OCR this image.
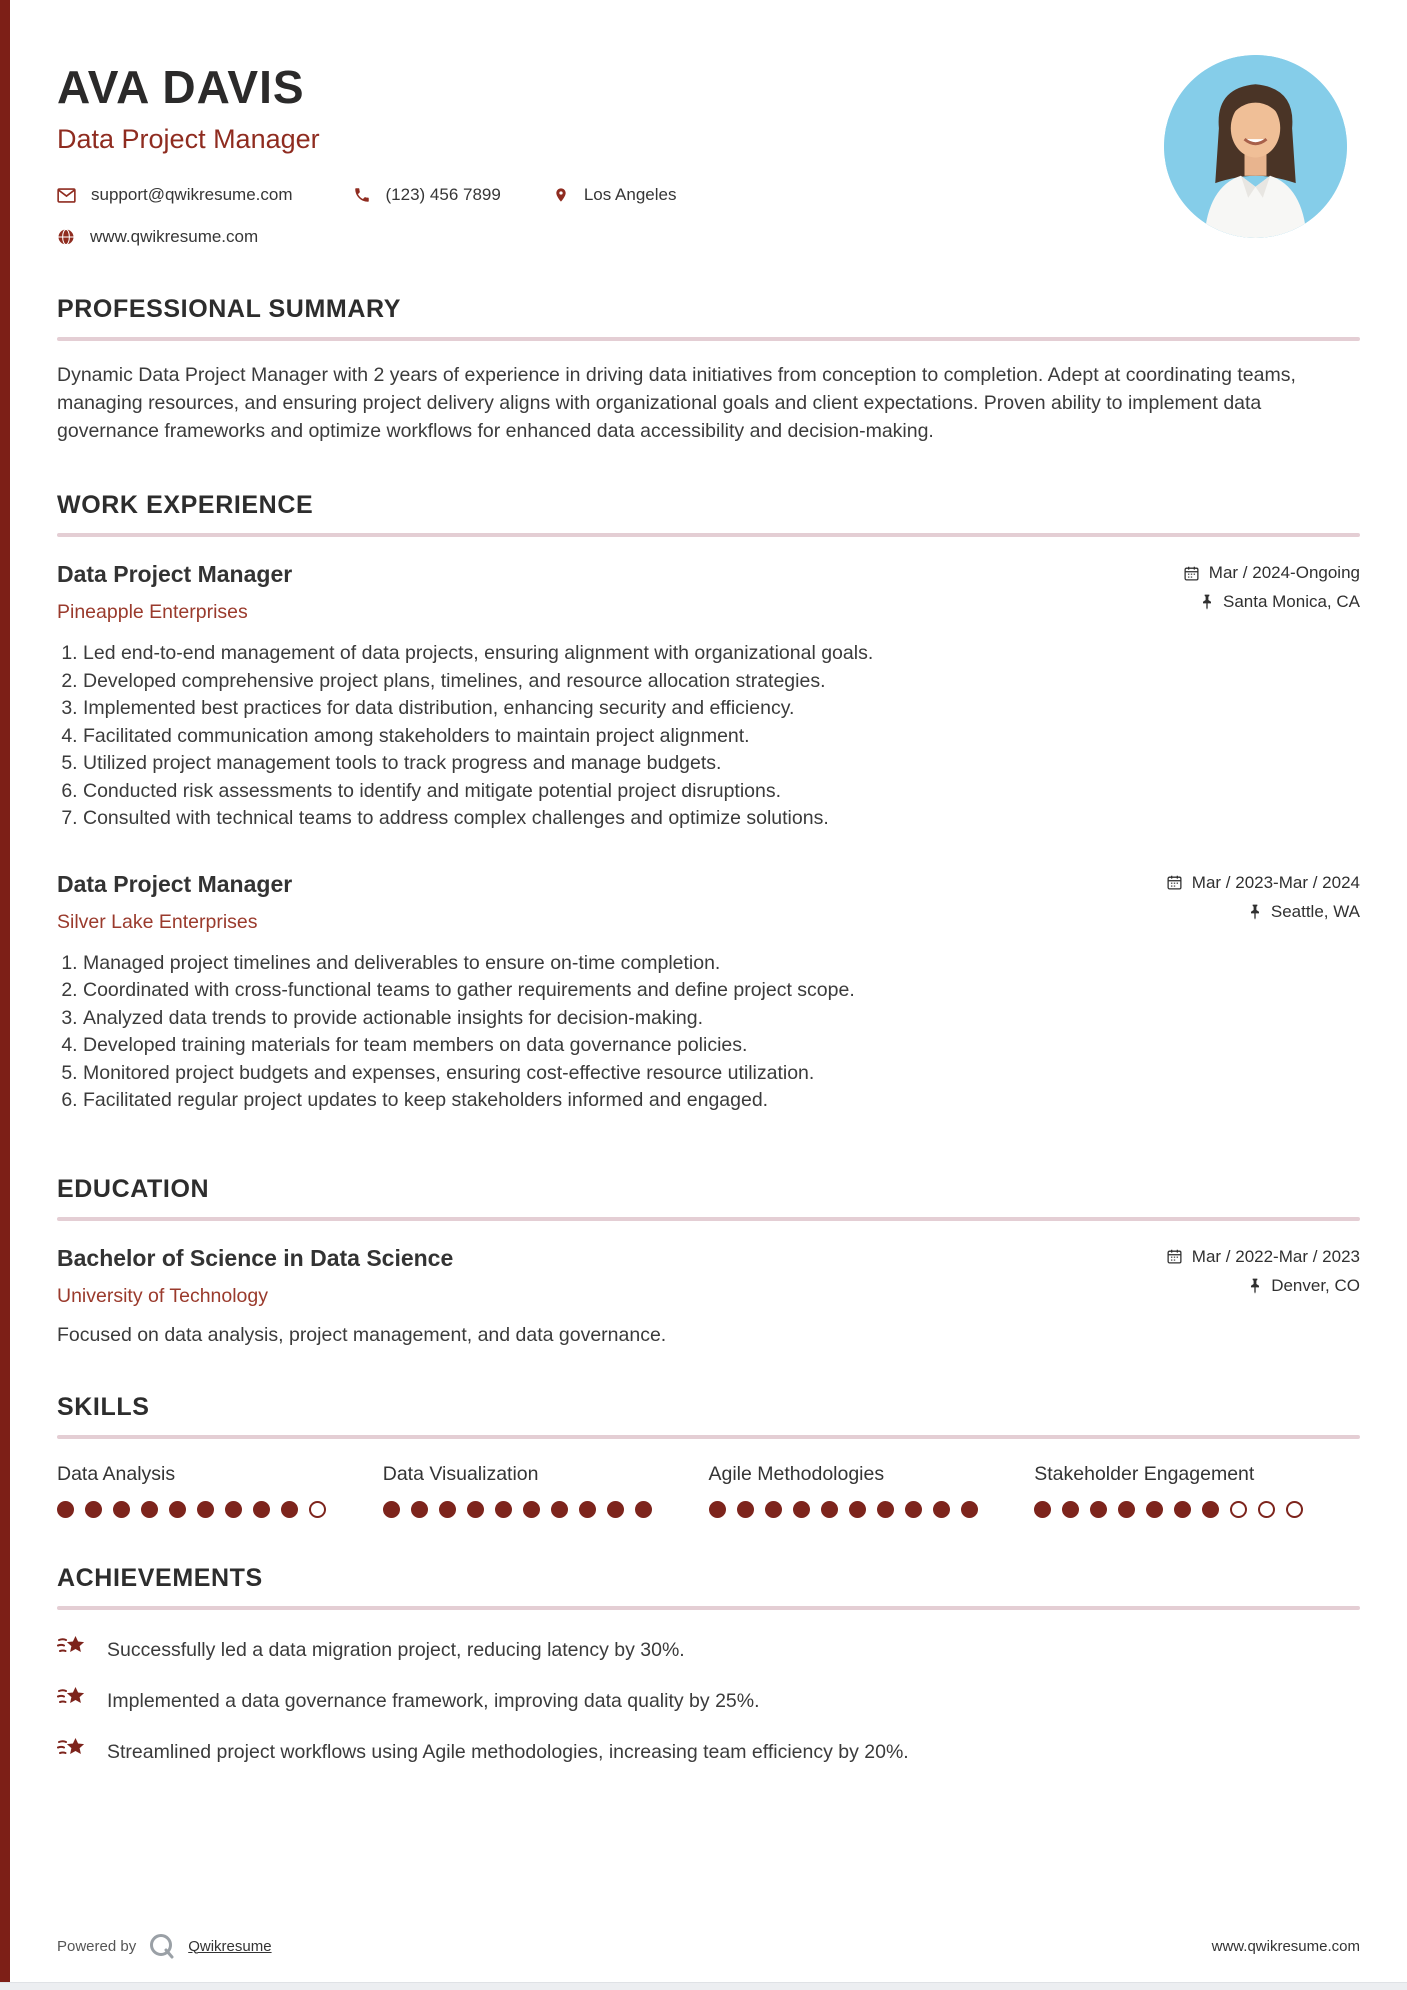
AVA DAVIS
Data Project Manager
support@qwikresume.com	(123) 456 7899	Los Angeles
www.qwikresume.com
PROFESSIONAL SUMMARY

Dynamic Data Project Manager with 2 years of experience in driving data initiatives from conception to completion. Adept at coordinating teams, managing resources, and ensuring project delivery aligns with organizational goals and client expectations. Proven ability to implement data governance frameworks and optimize workflows for enhanced data accessibility and decision-making.

WORK EXPERIENCE
Data Project Manager
Pineapple Enterprises
Mar / 2024-Ongoing
Santa Monica, CA
1. Led end-to-end management of data projects, ensuring alignment with organizational goals.
2. Developed comprehensive project plans, timelines, and resource allocation strategies.
3. Implemented best practices for data distribution, enhancing security and efficiency.
4. Facilitated communication among stakeholders to maintain project alignment.
5. Utilized project management tools to track progress and manage budgets.
6. Conducted risk assessments to identify and mitigate potential project disruptions.
7. Consulted with technical teams to address complex challenges and optimize solutions.
Data Project Manager
Silver Lake Enterprises
Mar / 2023-Mar / 2024
Seattle, WA
1. Managed project timelines and deliverables to ensure on-time completion.
2. Coordinated with cross-functional teams to gather requirements and define project scope.
3. Analyzed data trends to provide actionable insights for decision-making.
4. Developed training materials for team members on data governance policies.
5. Monitored project budgets and expenses, ensuring cost-effective resource utilization.
6. Facilitated regular project updates to keep stakeholders informed and engaged.
EDUCATION
Bachelor of Science in Data Science
University of Technology
Mar / 2022-Mar / 2023
Denver, CO
Focused on data analysis, project management, and data governance.
SKILLS
Data Analysis	Data Visualization	Agile Methodologies	Stakeholder Engagement
ACHIEVEMENTS
Successfully led a data migration project, reducing latency by 30%.
Implemented a data governance framework, improving data quality by 25%.
Streamlined project workflows using Agile methodologies, increasing team efficiency by 20%.
Powered by	Qwikresume	www.qwikresume.com
